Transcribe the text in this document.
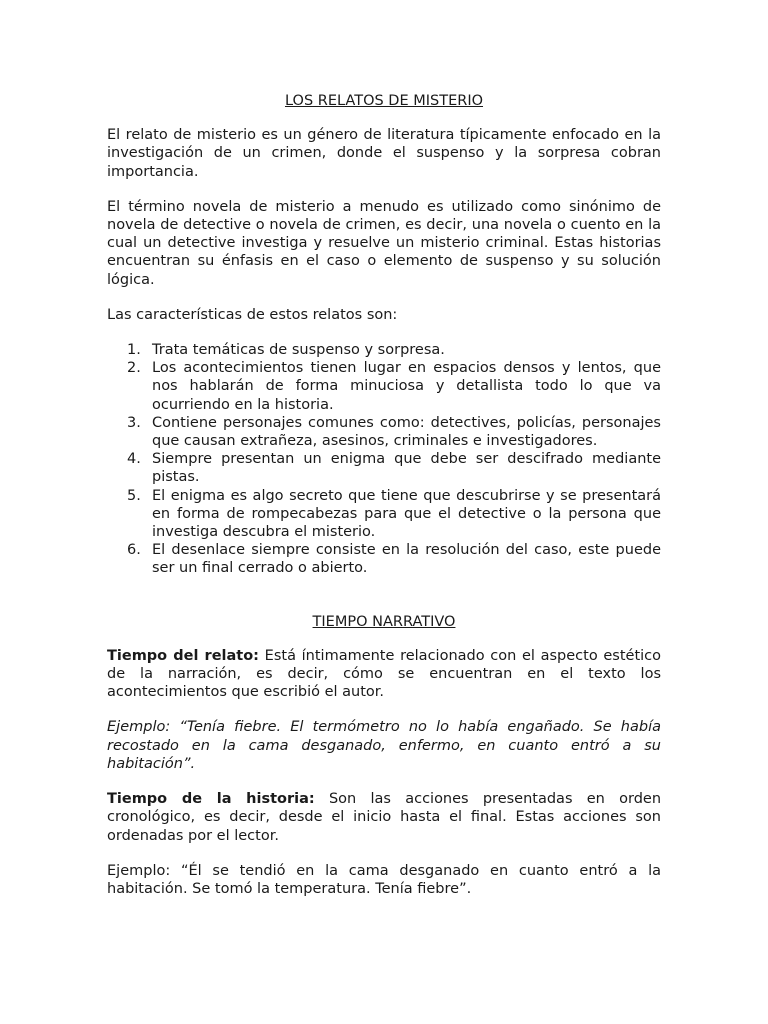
LOS RELATOS DE MISTERIO

El relato de misterio es un género de literatura típicamente enfocado en la investigación de un crimen, donde el suspenso y la sorpresa cobran importancia.

El término novela de misterio a menudo es utilizado como sinónimo de novela de detective o novela de crimen, es decir, una novela o cuento en la cual un detective investiga y resuelve un misterio criminal. Estas historias encuentran su énfasis en el caso o elemento de suspenso y su solución lógica.

Las características de estos relatos son:

1. Trata temáticas de suspenso y sorpresa.
2. Los acontecimientos tienen lugar en espacios densos y lentos, que nos hablarán de forma minuciosa y detallista todo lo que va ocurriendo en la historia.
3. Contiene personajes comunes como: detectives, policías, personajes que causan extrañeza, asesinos, criminales e investigadores.
4. Siempre presentan un enigma que debe ser descifrado mediante pistas.
5. El enigma es algo secreto que tiene que descubrirse y se presentará en forma de rompecabezas para que el detective o la persona que investiga descubra el misterio.
6. El desenlace siempre consiste en la resolución del caso, este puede ser un final cerrado o abierto.
TIEMPO NARRATIVO

Tiempo del relato: Está íntimamente relacionado con el aspecto estético de la narración, es decir, cómo se encuentran en el texto los acontecimientos que escribió el autor.

Ejemplo: “Tenía fiebre. El termómetro no lo había engañado. Se había recostado en la cama desganado, enfermo, en cuanto entró a su habitación”.

Tiempo de la historia: Son las acciones presentadas en orden cronológico, es decir, desde el inicio hasta el final. Estas acciones son ordenadas por el lector.

Ejemplo: “Él se tendió en la cama desganado en cuanto entró a la habitación. Se tomó la temperatura. Tenía fiebre”.
